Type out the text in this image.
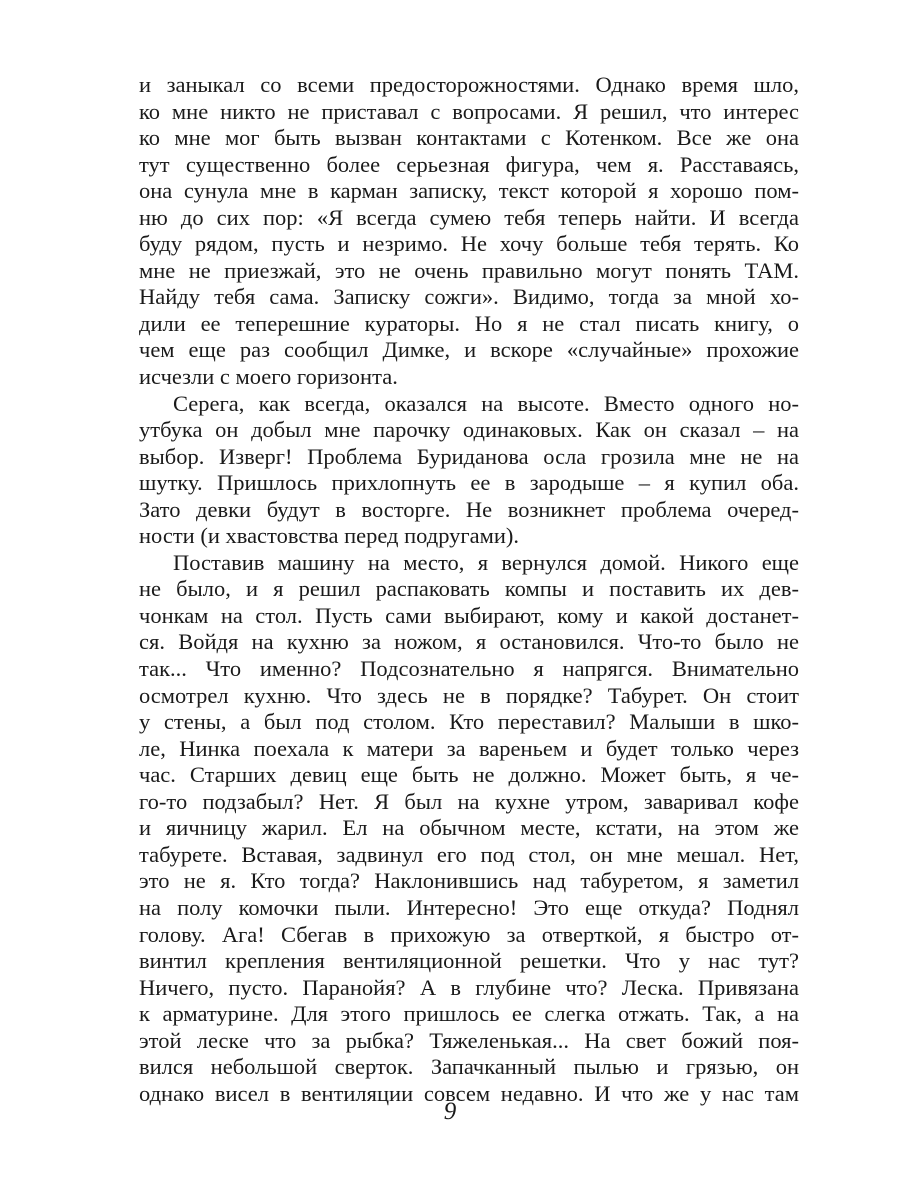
и заныкал со всеми предосторожностями. Однако время шло,
ко мне никто не приставал с вопросами. Я решил, что интерес
ко мне мог быть вызван контактами с Котенком. Все же она
тут существенно более серьезная фигура, чем я. Расставаясь,
она сунула мне в карман записку, текст которой я хорошо пом-
ню до сих пор: «Я всегда сумею тебя теперь найти. И всегда
буду рядом, пусть и незримо. Не хочу больше тебя терять. Ко
мне не приезжай, это не очень правильно могут понять ТАМ.
Найду тебя сама. Записку сожги». Видимо, тогда за мной хо-
дили ее теперешние кураторы. Но я не стал писать книгу, о
чем еще раз сообщил Димке, и вскоре «случайные» прохожие
исчезли с моего горизонта.
Серега, как всегда, оказался на высоте. Вместо одного но-
утбука он добыл мне парочку одинаковых. Как он сказал – на
выбор. Изверг! Проблема Буриданова осла грозила мне не на
шутку. Пришлось прихлопнуть ее в зародыше – я купил оба.
Зато девки будут в восторге. Не возникнет проблема очеред-
ности (и хвастовства перед подругами).
Поставив машину на место, я вернулся домой. Никого еще
не было, и я решил распаковать компы и поставить их дев-
чонкам на стол. Пусть сами выбирают, кому и какой достанет-
ся. Войдя на кухню за ножом, я остановился. Что-то было не
так... Что именно? Подсознательно я напрягся. Внимательно
осмотрел кухню. Что здесь не в порядке? Табурет. Он стоит
у стены, а был под столом. Кто переставил? Малыши в шко-
ле, Нинка поехала к матери за вареньем и будет только через
час. Старших девиц еще быть не должно. Может быть, я че-
го-то подзабыл? Нет. Я был на кухне утром, заваривал кофе
и яичницу жарил. Ел на обычном месте, кстати, на этом же
табурете. Вставая, задвинул его под стол, он мне мешал. Нет,
это не я. Кто тогда? Наклонившись над табуретом, я заметил
на полу комочки пыли. Интересно! Это еще откуда? Поднял
голову. Ага! Сбегав в прихожую за отверткой, я быстро от-
винтил крепления вентиляционной решетки. Что у нас тут?
Ничего, пусто. Паранойя? А в глубине что? Леска. Привязана
к арматурине. Для этого пришлось ее слегка отжать. Так, а на
этой леске что за рыбка? Тяжеленькая... На свет божий поя-
вился небольшой сверток. Запачканный пылью и грязью, он
однако висел в вентиляции совсем недавно. И что же у нас там
9
